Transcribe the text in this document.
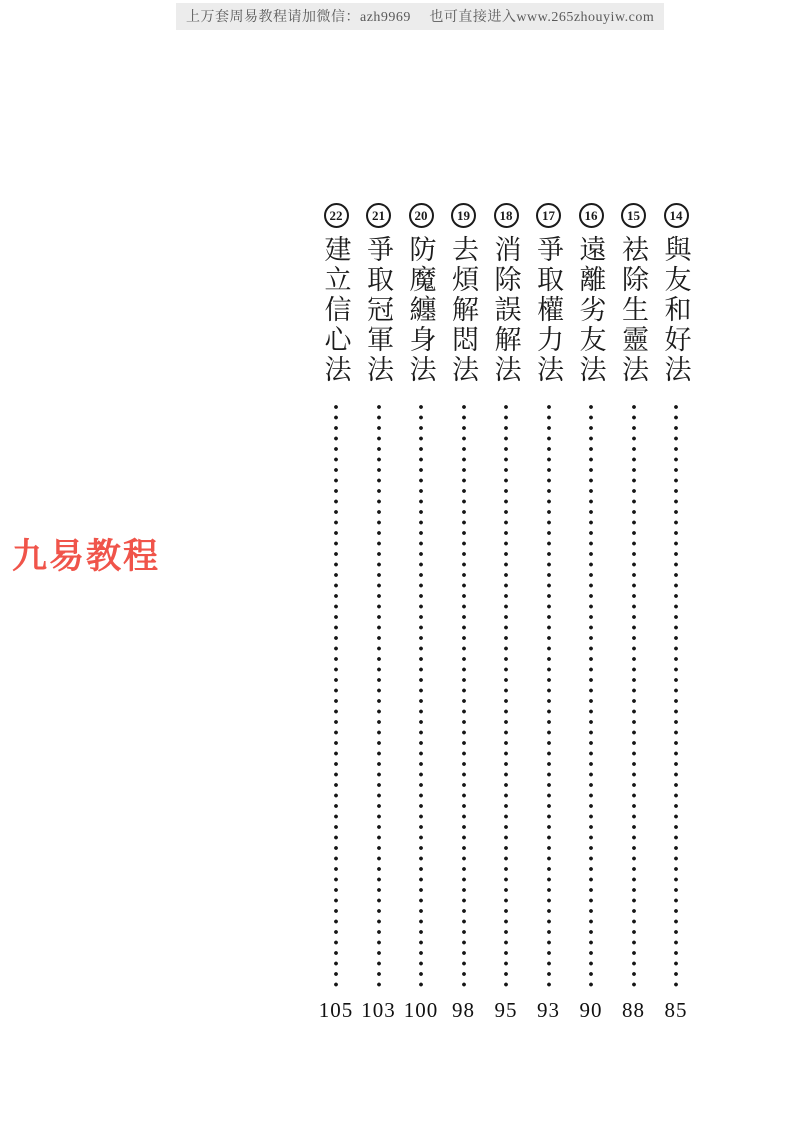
上万套周易教程请加微信：azh9969　 也可直接进入www.265zhouyiw.com
九易教程
14
與友和好法
85
15
祛除生靈法
88
16
遠離劣友法
90
17
爭取權力法
93
18
消除誤解法
95
19
去煩解悶法
98
20
防魔纏身法
100
21
爭取冠軍法
103
22
建立信心法
105
